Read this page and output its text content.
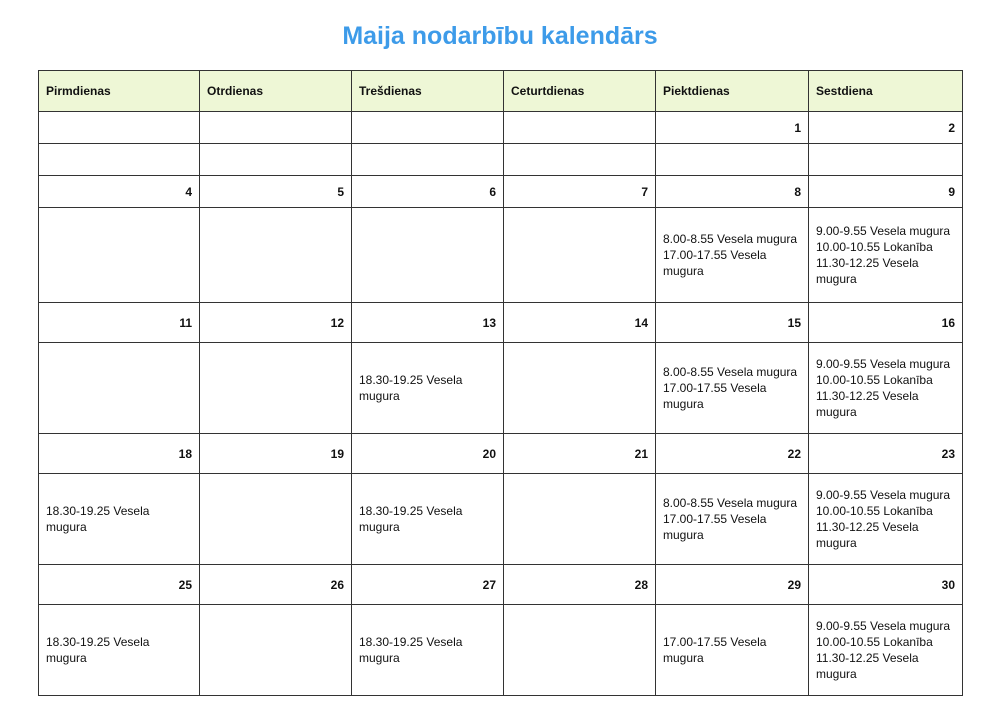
Maija nodarbību kalendārs
Pirmdienas	Otrdienas	Trešdienas	Ceturtdienas	Piektdienas	Sestdiena
				1	2

4	5	6	7	8	9

				8.00-8.55 Vesela mugura
17.00-17.55 Vesela mugura	9.00-9.55 Vesela mugura
10.00-10.55 Lokanība
11.30-12.25 Vesela mugura

11	12	13	14	15	16

		18.30-19.25 Vesela mugura		8.00-8.55 Vesela mugura
17.00-17.55 Vesela mugura	9.00-9.55 Vesela mugura
10.00-10.55 Lokanība
11.30-12.25 Vesela mugura

18	19	20	21	22	23

18.30-19.25 Vesela mugura		18.30-19.25 Vesela mugura		8.00-8.55 Vesela mugura
17.00-17.55 Vesela mugura	9.00-9.55 Vesela mugura
10.00-10.55 Lokanība
11.30-12.25 Vesela mugura

25	26	27	28	29	30

18.30-19.25 Vesela mugura		18.30-19.25 Vesela mugura		17.00-17.55 Vesela mugura	9.00-9.55 Vesela mugura
10.00-10.55 Lokanība
11.30-12.25 Vesela mugura
